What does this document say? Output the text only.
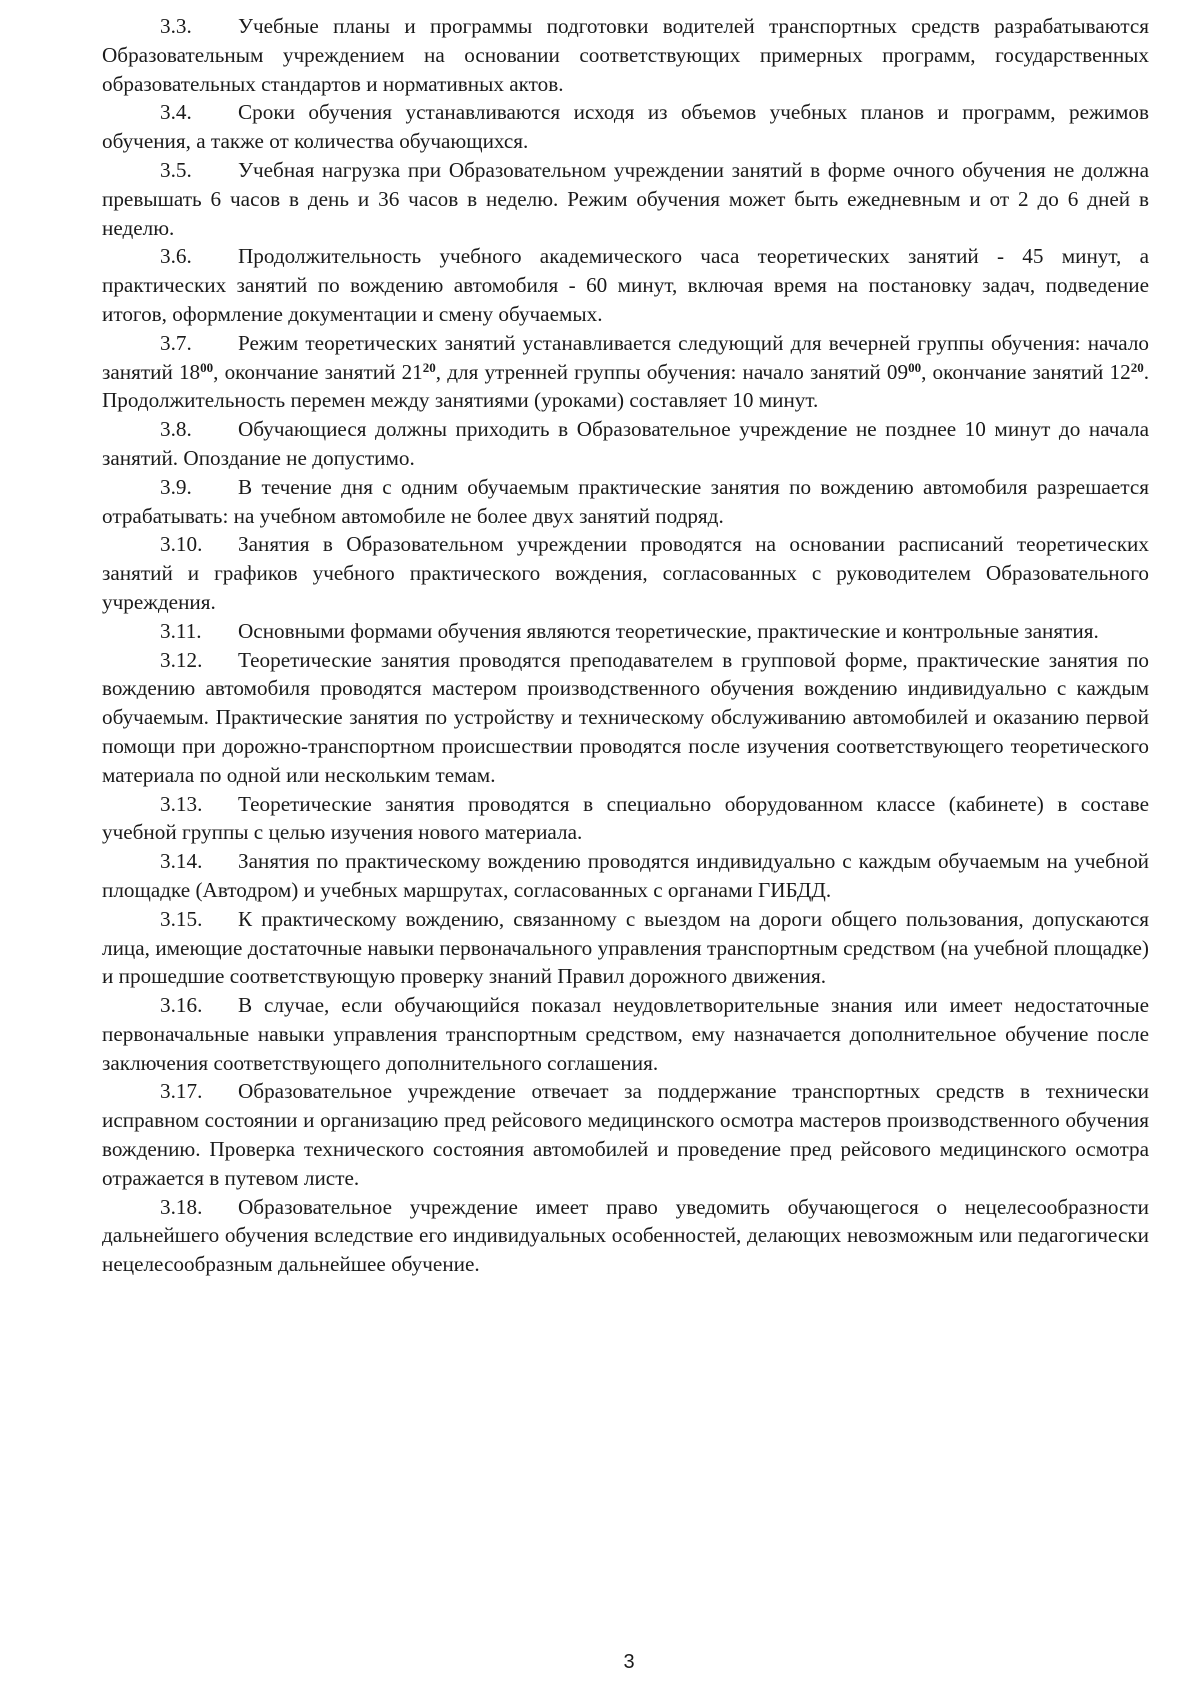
3.3. Учебные планы и программы подготовки водителей транспортных средств разрабатываются Образовательным учреждением на основании соответствующих примерных программ, государственных образовательных стандартов и нормативных актов.

3.4. Сроки обучения устанавливаются исходя из объемов учебных планов и программ, режимов обучения, а также от количества обучающихся.

3.5. Учебная нагрузка при Образовательном учреждении занятий в форме очного обучения не должна превышать 6 часов в день и 36 часов в неделю. Режим обучения может быть ежедневным и от 2 до 6 дней в неделю.

3.6. Продолжительность учебного академического часа теоретических занятий - 45 минут, а практических занятий по вождению автомобиля - 60 минут, включая время на постановку задач, подведение итогов, оформление документации и смену обучаемых.

3.7. Режим теоретических занятий устанавливается следующий для вечерней группы обучения: начало занятий $18^{00}$, окончание занятий $21^{20}$, для утренней группы обучения: начало занятий $09^{00}$, окончание занятий $12^{20}$. Продолжительность перемен между занятиями (уроками) составляет 10 минут.

3.8. Обучающиеся должны приходить в Образовательное учреждение не позднее 10 минут до начала занятий. Опоздание не допустимо.

3.9. В течение дня с одним обучаемым практические занятия по вождению автомобиля разрешается отрабатывать: на учебном автомобиле не более двух занятий подряд.

3.10. Занятия в Образовательном учреждении проводятся на основании расписаний теоретических занятий и графиков учебного практического вождения, согласованных с руководителем Образовательного учреждения.

3.11. Основными формами обучения являются теоретические, практические и контрольные занятия.

3.12. Теоретические занятия проводятся преподавателем в групповой форме, практические занятия по вождению автомобиля проводятся мастером производственного обучения вождению индивидуально с каждым обучаемым. Практические занятия по устройству и техническому обслуживанию автомобилей и оказанию первой помощи при дорожно-транспортном происшествии проводятся после изучения соответствующего теоретического материала по одной или нескольким темам.

3.13. Теоретические занятия проводятся в специально оборудованном классе (кабинете) в составе учебной группы с целью изучения нового материала.

3.14. Занятия по практическому вождению проводятся индивидуально с каждым обучаемым на учебной площадке (Автодром) и учебных маршрутах, согласованных с органами ГИБДД.

3.15. К практическому вождению, связанному с выездом на дороги общего пользования, допускаются лица, имеющие достаточные навыки первоначального управления транспортным средством (на учебной площадке) и прошедшие соответствующую проверку знаний Правил дорожного движения.

3.16. В случае, если обучающийся показал неудовлетворительные знания или имеет недостаточные первоначальные навыки управления транспортным средством, ему назначается дополнительное обучение после заключения соответствующего дополнительного соглашения.

3.17. Образовательное учреждение отвечает за поддержание транспортных средств в технически исправном состоянии и организацию пред рейсового медицинского осмотра мастеров производственного обучения вождению. Проверка технического состояния автомобилей и проведение пред рейсового медицинского осмотра отражается в путевом листе.

3.18. Образовательное учреждение имеет право уведомить обучающегося о нецелесообразности дальнейшего обучения вследствие его индивидуальных особенностей, делающих невозможным или педагогически нецелесообразным дальнейшее обучение.

3
